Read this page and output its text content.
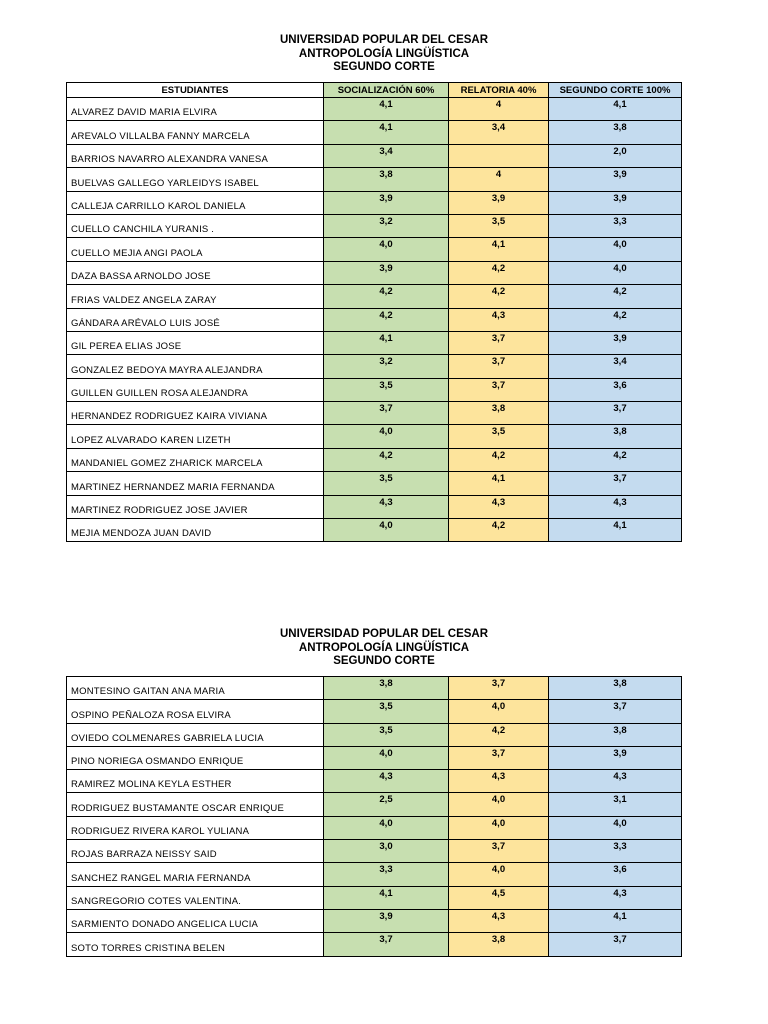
UNIVERSIDAD POPULAR DEL CESAR
ANTROPOLOGÍA LINGÜÍSTICA
SEGUNDO CORTE
ESTUDIANTES	SOCIALIZACIÓN 60%	RELATORIA 40%	SEGUNDO CORTE 100%
ALVAREZ DAVID MARIA ELVIRA	4,1	4	4,1
AREVALO VILLALBA FANNY MARCELA	4,1	3,4	3,8
BARRIOS NAVARRO ALEXANDRA VANESA	3,4		2,0
BUELVAS GALLEGO YARLEIDYS ISABEL	3,8	4	3,9
CALLEJA CARRILLO KAROL DANIELA	3,9	3,9	3,9
CUELLO CANCHILA YURANIS .	3,2	3,5	3,3
CUELLO MEJIA ANGI PAOLA	4,0	4,1	4,0
DAZA BASSA ARNOLDO JOSE	3,9	4,2	4,0
FRIAS VALDEZ ANGELA ZARAY	4,2	4,2	4,2
GÁNDARA ARÉVALO LUIS JOSÉ	4,2	4,3	4,2
GIL PEREA ELIAS JOSE	4,1	3,7	3,9
GONZALEZ BEDOYA MAYRA ALEJANDRA	3,2	3,7	3,4
GUILLEN GUILLEN ROSA ALEJANDRA	3,5	3,7	3,6
HERNANDEZ RODRIGUEZ KAIRA VIVIANA	3,7	3,8	3,7
LOPEZ ALVARADO KAREN LIZETH	4,0	3,5	3,8
MANDANIEL GOMEZ ZHARICK MARCELA	4,2	4,2	4,2
MARTINEZ HERNANDEZ MARIA FERNANDA	3,5	4,1	3,7
MARTINEZ RODRIGUEZ JOSE JAVIER	4,3	4,3	4,3
MEJIA MENDOZA JUAN DAVID	4,0	4,2	4,1
UNIVERSIDAD POPULAR DEL CESAR
ANTROPOLOGÍA LINGÜÍSTICA
SEGUNDO CORTE
MONTESINO GAITAN ANA MARIA	3,8	3,7	3,8
OSPINO PEÑALOZA ROSA ELVIRA	3,5	4,0	3,7
OVIEDO COLMENARES GABRIELA LUCIA	3,5	4,2	3,8
PINO NORIEGA OSMANDO ENRIQUE	4,0	3,7	3,9
RAMIREZ MOLINA KEYLA ESTHER	4,3	4,3	4,3
RODRIGUEZ BUSTAMANTE OSCAR ENRIQUE	2,5	4,0	3,1
RODRIGUEZ RIVERA KAROL YULIANA	4,0	4,0	4,0
ROJAS BARRAZA NEISSY SAID	3,0	3,7	3,3
SANCHEZ RANGEL MARIA FERNANDA	3,3	4,0	3,6
SANGREGORIO COTES VALENTINA.	4,1	4,5	4,3
SARMIENTO DONADO ANGELICA LUCIA	3,9	4,3	4,1
SOTO TORRES CRISTINA BELEN	3,7	3,8	3,7
